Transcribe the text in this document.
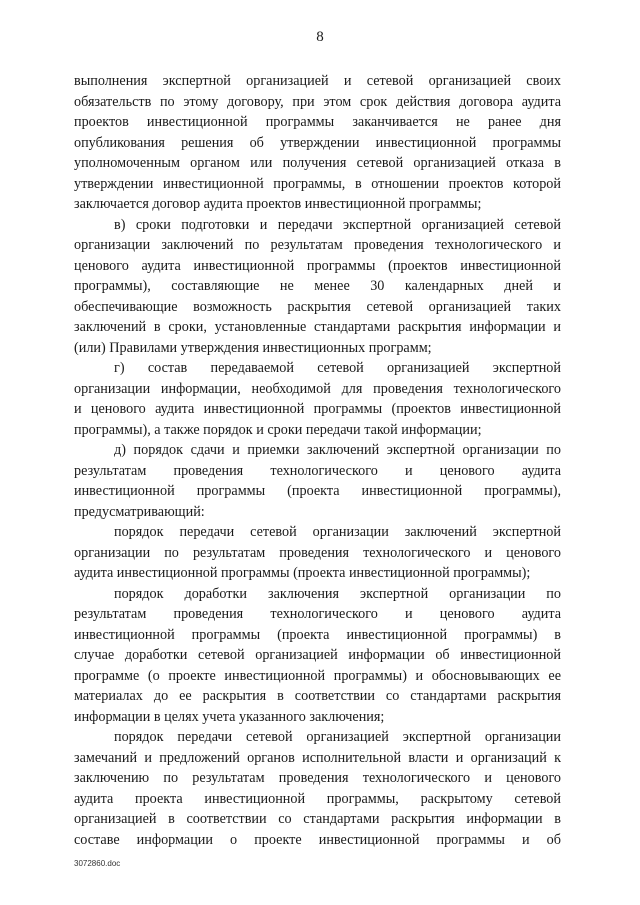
8
выполнения экспертной организацией и сетевой организацией своих
обязательств по этому договору, при этом срок действия договора аудита
проектов инвестиционной программы заканчивается не ранее дня
опубликования решения об утверждении инвестиционной программы
уполномоченным органом или получения сетевой организацией отказа в
утверждении инвестиционной программы, в отношении проектов которой
заключается договор аудита проектов инвестиционной программы;
в) сроки подготовки и передачи экспертной организацией сетевой
организации заключений по результатам проведения технологического и
ценового аудита инвестиционной программы (проектов инвестиционной
программы), составляющие не менее 30 календарных дней и
обеспечивающие возможность раскрытия сетевой организацией таких
заключений в сроки, установленные стандартами раскрытия информации и
(или) Правилами утверждения инвестиционных программ;
г) состав передаваемой сетевой организацией экспертной
организации информации, необходимой для проведения технологического
и ценового аудита инвестиционной программы (проектов инвестиционной
программы), а также порядок и сроки передачи такой информации;
д) порядок сдачи и приемки заключений экспертной организации по
результатам проведения технологического и ценового аудита
инвестиционной программы (проекта инвестиционной программы),
предусматривающий:
порядок передачи сетевой организации заключений экспертной
организации по результатам проведения технологического и ценового
аудита инвестиционной программы (проекта инвестиционной программы);
порядок доработки заключения экспертной организации по
результатам проведения технологического и ценового аудита
инвестиционной программы (проекта инвестиционной программы) в
случае доработки сетевой организацией информации об инвестиционной
программе (о проекте инвестиционной программы) и обосновывающих ее
материалах до ее раскрытия в соответствии со стандартами раскрытия
информации в целях учета указанного заключения;
порядок передачи сетевой организацией экспертной организации
замечаний и предложений органов исполнительной власти и организаций к
заключению по результатам проведения технологического и ценового
аудита проекта инвестиционной программы, раскрытому сетевой
организацией в соответствии со стандартами раскрытия информации в
составе информации о проекте инвестиционной программы и об
3072860.doc
